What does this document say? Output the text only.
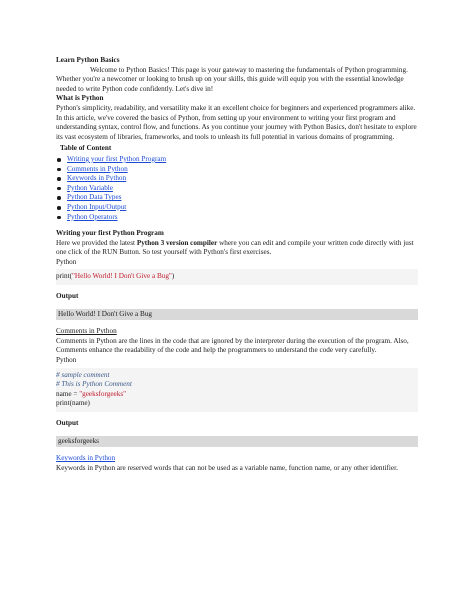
Learn Python Basics

Welcome to Python Basics! This page is your gateway to mastering the fundamentals of Python programming. Whether you're a newcomer or looking to brush up on your skills, this guide will equip you with the essential knowledge needed to write Python code confidently. Let's dive in!

What is Python

Python's simplicity, readability, and versatility make it an excellent choice for beginners and experienced programmers alike. In this article, we've covered the basics of Python, from setting up your environment to writing your first program and understanding syntax, control flow, and functions. As you continue your journey with Python Basics, don't hesitate to explore its vast ecosystem of libraries, frameworks, and tools to unleash its full potential in various domains of programming.

Table of Content

Writing your first Python Program
Comments in Python
Keywords in Python
Python Variable
Python Data Types
Python Input/Output
Python Operators

Writing your first Python Program

Here we provided the latest Python 3 version compiler where you can edit and compile your written code directly with just one click of the RUN Button. So test yourself with Python's first exercises.

Python

print("Hello World! I Don't Give a Bug")

Output

Hello World! I Don't Give a Bug

Comments in Python

Comments in Python are the lines in the code that are ignored by the interpreter during the execution of the program. Also, Comments enhance the readability of the code and help the programmers to understand the code very carefully.

Python

# sample comment
# This is Python Comment
name = "geeksforgeeks"
print(name)

Output

geeksforgeeks

Keywords in Python

Keywords in Python are reserved words that can not be used as a variable name, function name, or any other identifier.
